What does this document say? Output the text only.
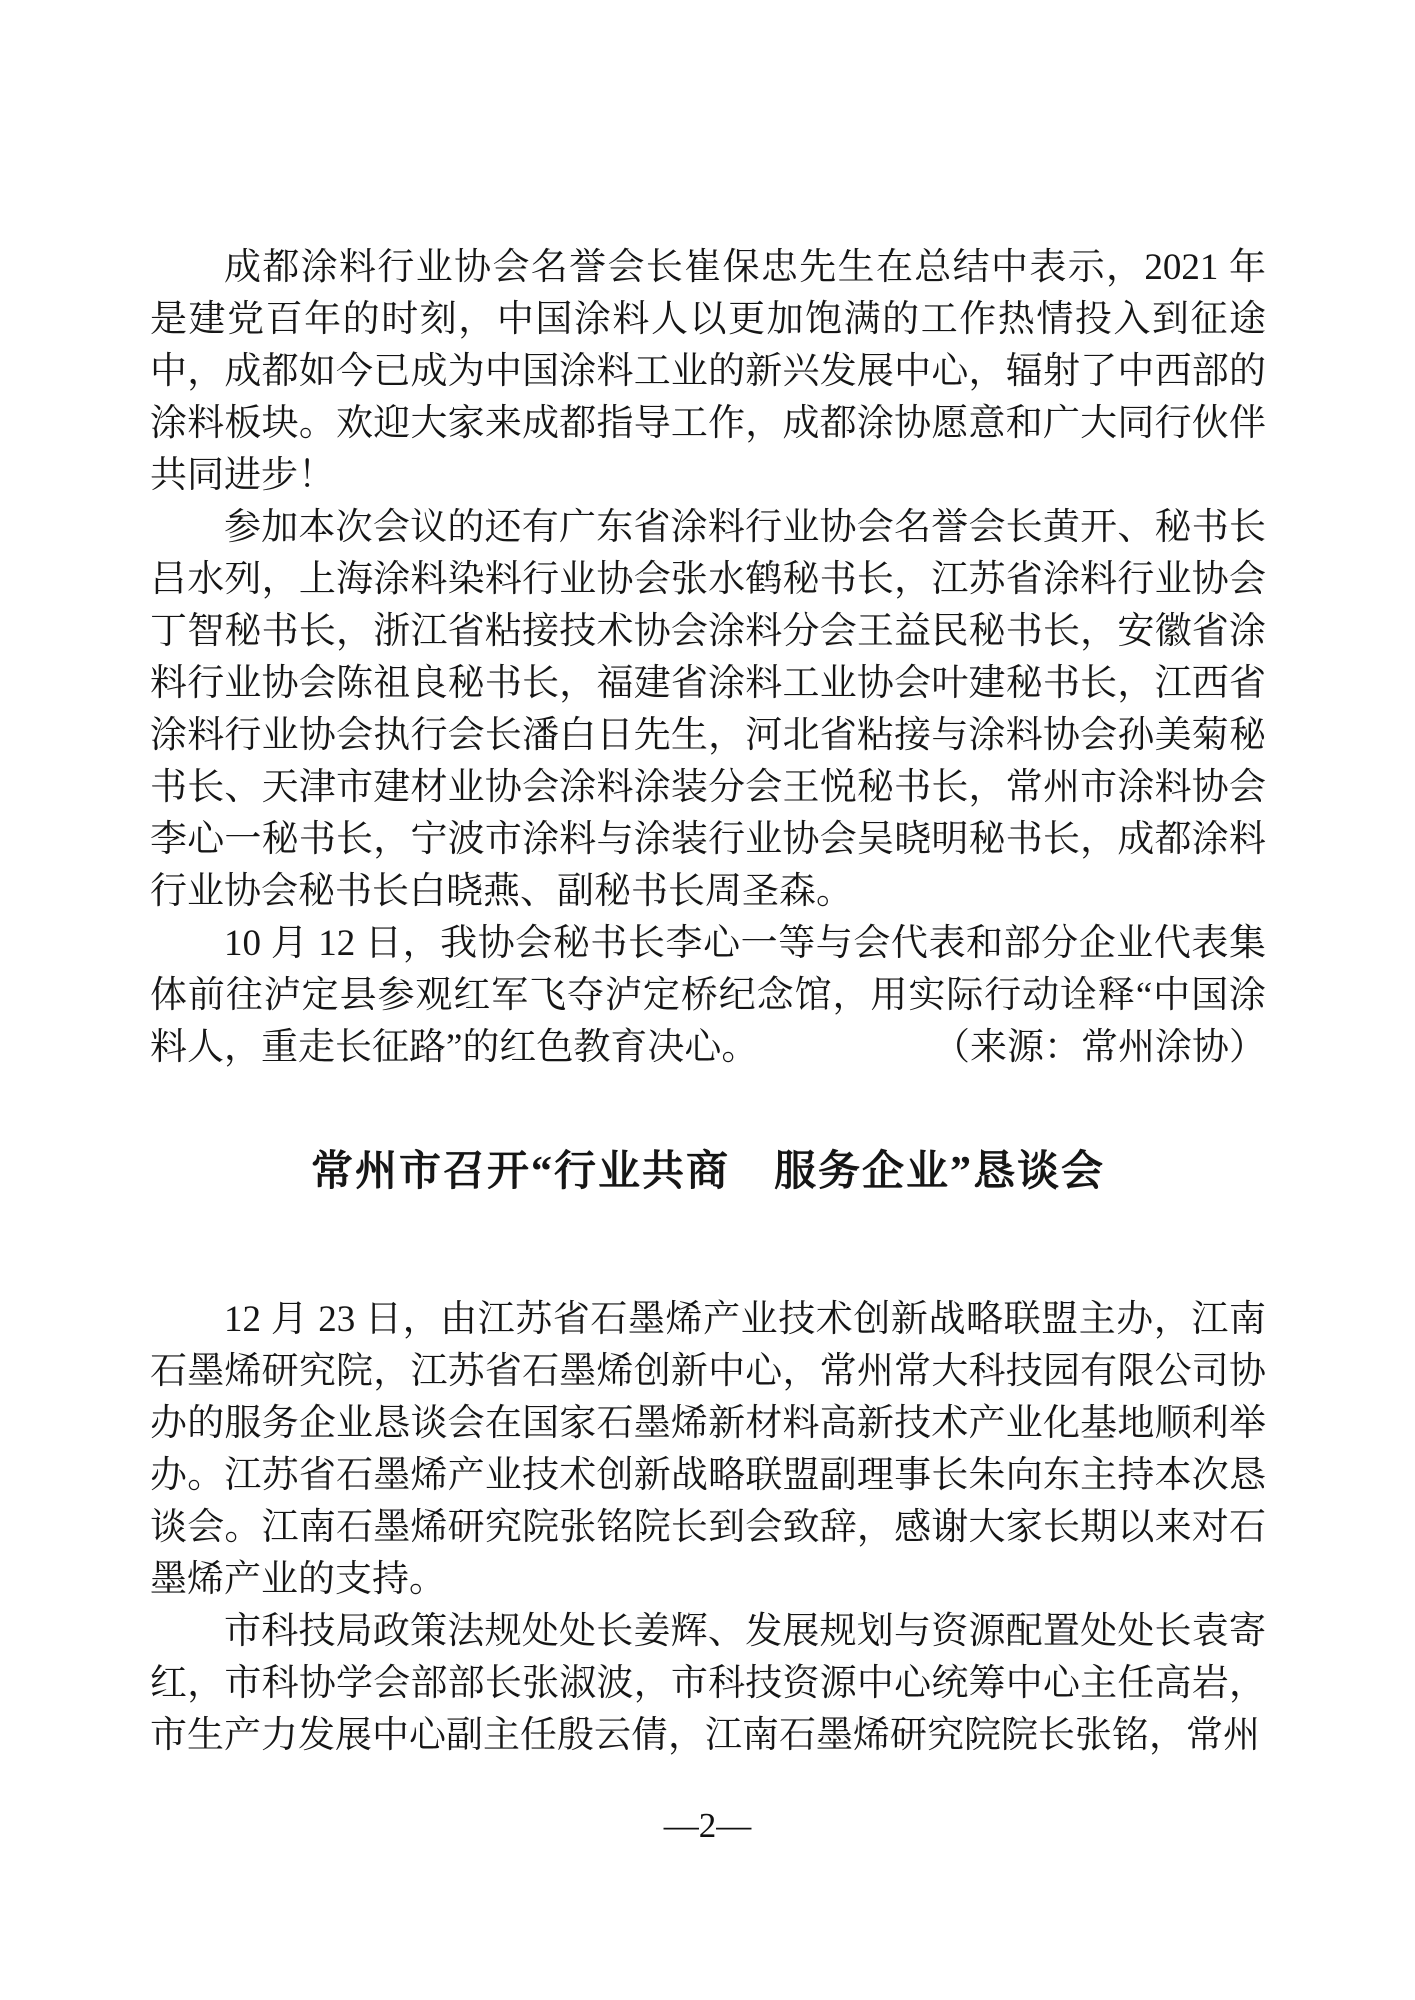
成都涂料行业协会名誉会长崔保忠先生在总结中表示，2021 年是建党百年的时刻，中国涂料人以更加饱满的工作热情投入到征途中，成都如今已成为中国涂料工业的新兴发展中心，辐射了中西部的涂料板块。欢迎大家来成都指导工作，成都涂协愿意和广大同行伙伴共同进步！

参加本次会议的还有广东省涂料行业协会名誉会长黄开、秘书长吕水列，上海涂料染料行业协会张水鹤秘书长，江苏省涂料行业协会丁智秘书长，浙江省粘接技术协会涂料分会王益民秘书长，安徽省涂料行业协会陈祖良秘书长，福建省涂料工业协会叶建秘书长，江西省涂料行业协会执行会长潘白日先生，河北省粘接与涂料协会孙美菊秘书长、天津市建材业协会涂料涂装分会王悦秘书长，常州市涂料协会李心一秘书长，宁波市涂料与涂装行业协会吴晓明秘书长，成都涂料行业协会秘书长白晓燕、副秘书长周圣森。

10 月 12 日，我协会秘书长李心一等与会代表和部分企业代表集体前往泸定县参观红军飞夺泸定桥纪念馆，用实际行动诠释“中国涂料人，重走长征路”的红色教育决心。	（来源：常州涂协）

常州市召开“行业共商　服务企业”恳谈会

12 月 23 日，由江苏省石墨烯产业技术创新战略联盟主办，江南石墨烯研究院，江苏省石墨烯创新中心，常州常大科技园有限公司协办的服务企业恳谈会在国家石墨烯新材料高新技术产业化基地顺利举办。江苏省石墨烯产业技术创新战略联盟副理事长朱向东主持本次恳谈会。江南石墨烯研究院张铭院长到会致辞，感谢大家长期以来对石墨烯产业的支持。

市科技局政策法规处处长姜辉、发展规划与资源配置处处长袁寄红，市科协学会部部长张淑波，市科技资源中心统筹中心主任高岩，市生产力发展中心副主任殷云倩，江南石墨烯研究院院长张铭，常州

—2—
